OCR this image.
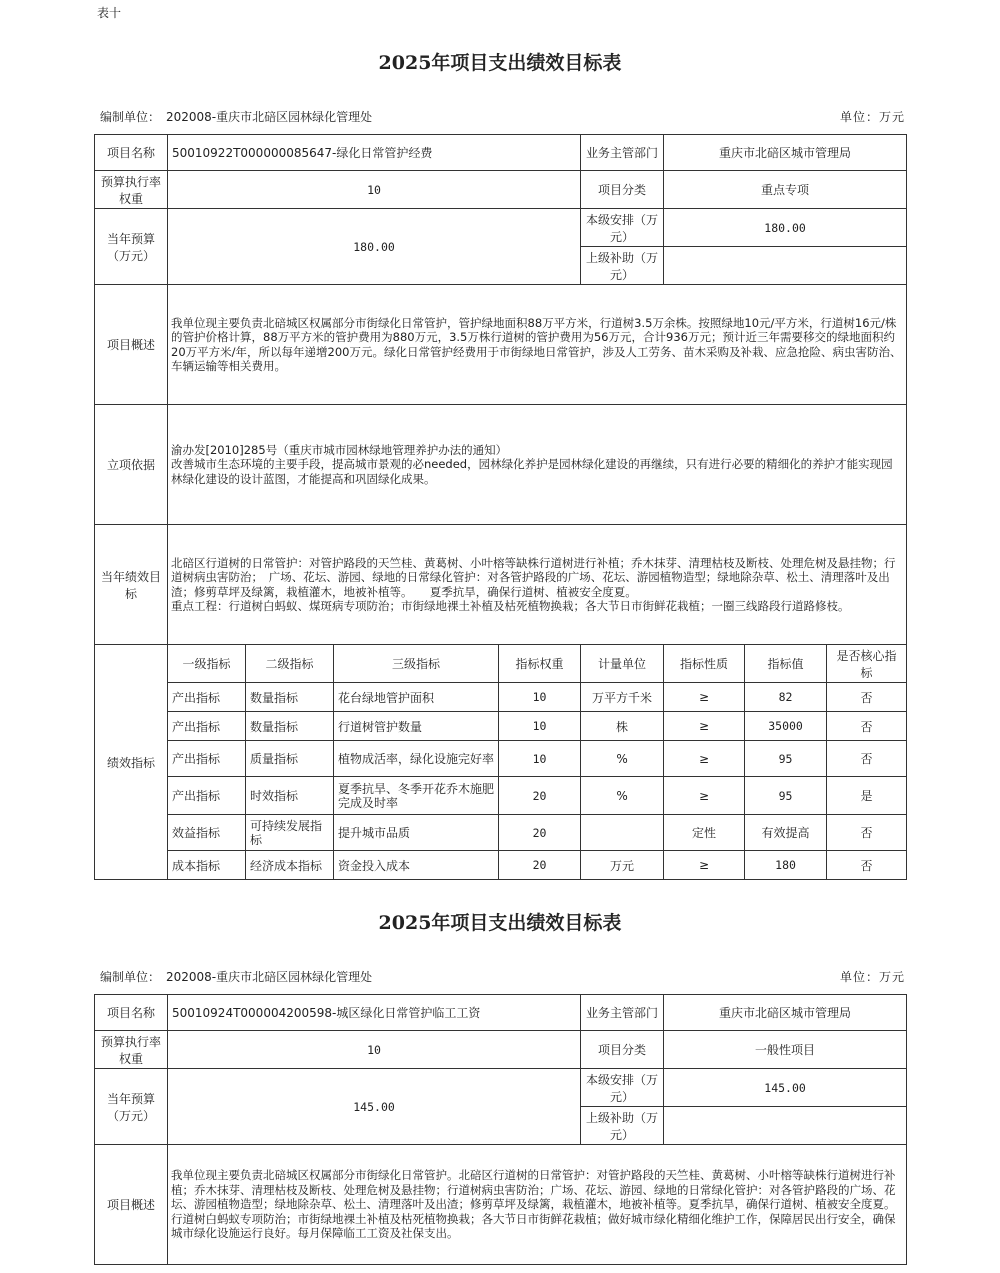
表十
2025年项目支出绩效目标表
编制单位：　202008-重庆市北碚区园林绿化管理处	单位：万元
项目名称	50010922T000000085647-绿化日常管护经费				业务主管部门	重庆市北碚区城市管理局		
预算执行率权重	10				项目分类	重点专项		
当年预算（万元）	180.00				本级安排（万元）	180.00		
					上级补助（万元）			
项目概述	我单位现主要负责北碚城区权属部分市街绿化日常管护，管护绿地面积88万平方米，行道树3.5万余株。按照绿地10元/平方米，行道树16元/株的管护价格计算，88万平方米的管护费用为880万元，3.5万株行道树的管护费用为56万元，合计936万元；预计近三年需要移交的绿地面积约20万平方米/年，所以每年递增200万元。绿化日常管护经费用于市街绿地日常管护，涉及人工劳务、苗木采购及补栽、应急抢险、病虫害防治、车辆运输等相关费用。							
立项依据	渝办发[2010]285号（重庆市城市园林绿地管理养护办法的通知）
改善城市生态环境的主要手段，提高城市景观的必needed，园林绿化养护是园林绿化建设的再继续，只有进行必要的精细化的养护才能实现园林绿化建设的设计蓝图，才能提高和巩固绿化成果。							
当年绩效目标	北碚区行道树的日常管护：对管护路段的天竺桂、黄葛树、小叶榕等缺株行道树进行补植；乔木抹芽、清理枯枝及断枝、处理危树及悬挂物；行道树病虫害防治；　广场、花坛、游园、绿地的日常绿化管护：对各管护路段的广场、花坛、游园植物造型；绿地除杂草、松土、清理落叶及出渣；修剪草坪及绿篱，栽植灌木，地被补植等。　　夏季抗旱，确保行道树、植被安全度夏。
重点工程：行道树白蚂蚁、煤斑病专项防治；市街绿地裸土补植及枯死植物换栽；各大节日市街鲜花栽植；一圈三线路段行道路修枝。							
绩效指标	一级指标	二级指标	三级指标	指标权重	计量单位	指标性质	指标值	是否核心指标
	产出指标	数量指标	花台绿地管护面积	10	万平方千米	≥	82	否
	产出指标	数量指标	行道树管护数量	10	株	≥	35000	否
	产出指标	质量指标	植物成活率，绿化设施完好率	10	%	≥	95	否
	产出指标	时效指标	夏季抗旱、冬季开花乔木施肥完成及时率	20	%	≥	95	是
	效益指标	可持续发展指标	提升城市品质	20		定性	有效提高	否
	成本指标	经济成本指标	资金投入成本	20	万元	≥	180	否
2025年项目支出绩效目标表
编制单位：　202008-重庆市北碚区园林绿化管理处	单位：万元
项目名称	50010924T000004200598-城区绿化日常管护临工工资	业务主管部门	重庆市北碚区城市管理局
预算执行率权重	10	项目分类	一般性项目
当年预算（万元）	145.00	本级安排（万元）	145.00
		上级补助（万元）	
项目概述	我单位现主要负责北碚城区权属部分市街绿化日常管护。北碚区行道树的日常管护：对管护路段的天竺桂、黄葛树、小叶榕等缺株行道树进行补植；乔木抹芽、清理枯枝及断枝、处理危树及悬挂物；行道树病虫害防治；广场、花坛、游园、绿地的日常绿化管护：对各管护路段的广场、花坛、游园植物造型；绿地除杂草、松土、清理落叶及出渣；修剪草坪及绿篱，栽植灌木，地被补植等。夏季抗旱，确保行道树、植被安全度夏。行道树白蚂蚁专项防治；市街绿地裸土补植及枯死植物换栽；各大节日市街鲜花栽植；做好城市绿化精细化维护工作，保障居民出行安全，确保城市绿化设施运行良好。每月保障临工工资及社保支出。		
